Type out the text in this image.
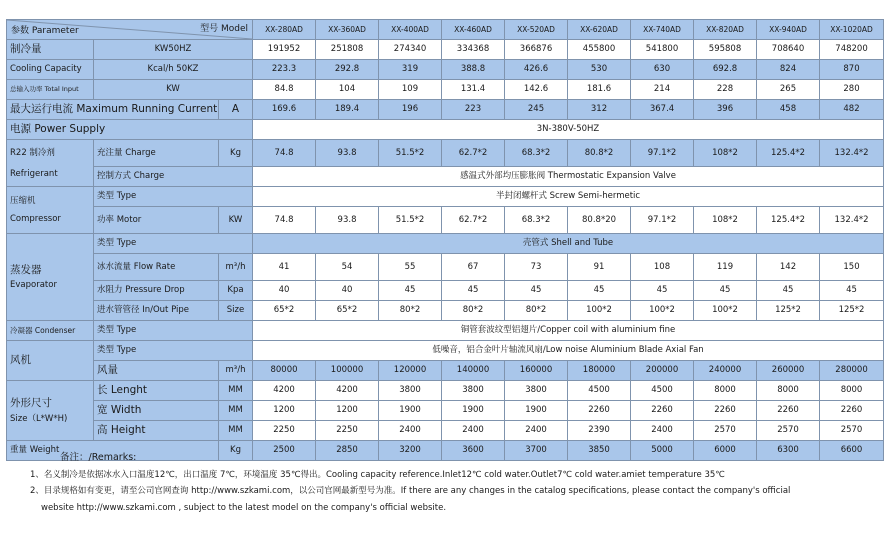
型号 Model
参数 Parameter			XX-280AD	XX-360AD	XX-400AD	XX-460AD	XX-520AD	XX-620AD	XX-740AD	XX-820AD	XX-940AD	XX-1020AD
制冷量	KW50HZ		191952	251808	274340	334368	366876	455800	541800	595808	708640	748200
Cooling Capacity	Kcal/h 50KZ		223.3	292.8	319	388.8	426.6	530	630	692.8	824	870
总输入功率 Total Input	KW		84.8	104	109	131.4	142.6	181.6	214	228	265	280
最大运行电流 Maximum Running Current		A	169.6	189.4	196	223	245	312	367.4	396	458	482
电源 Power Supply			3N-380V-50HZ									

R22 制冷剂
Refrigerant	充注量 Charge	Kg	74.8	93.8	51.5*2	62.7*2	68.3*2	80.8*2	97.1*2	108*2	125.4*2	132.4*2
	控制方式 Charge		感温式外部均压膨胀阀 Thermostatic Expansion Valve									

压缩机
Compressor	类型 Type		半封闭螺杆式 Screw Semi-hermetic									
	功率 Motor	KW	74.8	93.8	51.5*2	62.7*2	68.3*2	80.8*20	97.1*2	108*2	125.4*2	132.4*2

蒸发器
Evaporator	类型 Type		壳管式 Shell and Tube									
	冰水流量 Flow Rate	m³/h	41	54	55	67	73	91	108	119	142	150
	水阻力 Pressure Drop	Kpa	40	40	45	45	45	45	45	45	45	45
	进水管管径 In/Out Pipe	Size	65*2	65*2	80*2	80*2	80*2	100*2	100*2	100*2	125*2	125*2
冷凝器 Condenser	类型 Type		铜管套波纹型铝翅片/Copper coil with aluminium fine									
风机	类型 Type		低噪音，铝合金叶片轴流风扇/Low noise Aluminium Blade Axial Fan									
	风量	m³/h	80000	100000	120000	140000	160000	180000	200000	240000	260000	280000

外形尺寸
Size（L*W*H)	长 Lenght	MM	4200	4200	3800	3800	3800	4500	4500	8000	8000	8000
	宽 Width	MM	1200	1200	1900	1900	1900	2260	2260	2260	2260	2260
	高 Height	MM	2250	2250	2400	2400	2400	2390	2400	2570	2570	2570
重量 Weight		Kg	2500	2850	3200	3600	3700	3850	5000	6000	6300	6600

备注：/Remarks:

1、名义制冷是依据冰水入口温度12℃，出口温度 7℃，环境温度 35℃得出。Cooling capacity reference.Inlet12℃ cold water.Outlet7℃ cold water.amiet temperature 35℃

2、目录规格如有变更，请至公司官网查询 http://www.szkami.com，以公司官网最新型号为准。If there are any changes in the catalog specifications, please contact the company's official

website http://www.szkami.com , subject to the latest model on the company's official website.
